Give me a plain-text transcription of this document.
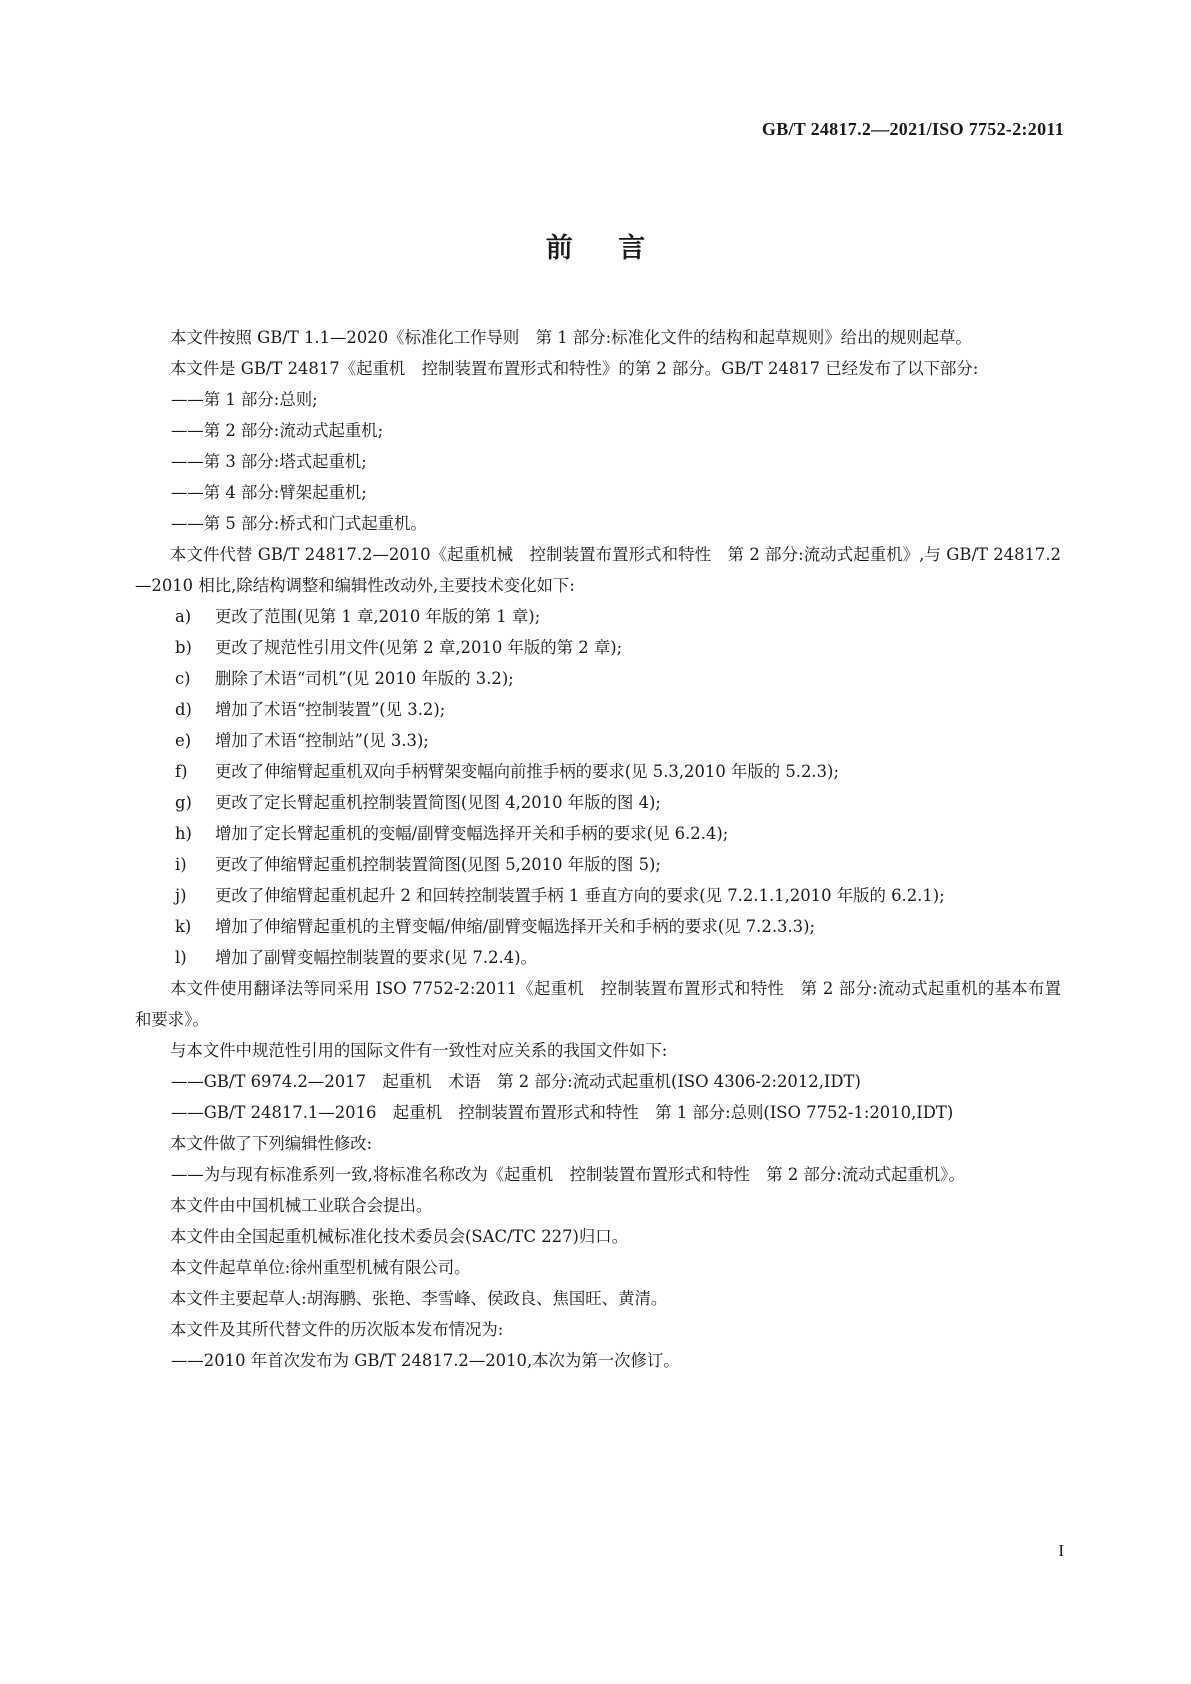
GB/T 24817.2—2021/ISO 7752-2:2011
前 言
本文件按照 GB/T 1.1—2020《标准化工作导则　第 1 部分:标准化文件的结构和起草规则》给出的规则起草。
本文件是 GB/T 24817《起重机　控制装置布置形式和特性》的第 2 部分。GB/T 24817 已经发布了以下部分:
——第 1 部分:总则;
——第 2 部分:流动式起重机;
——第 3 部分:塔式起重机;
——第 4 部分:臂架起重机;
——第 5 部分:桥式和门式起重机。
本文件代替 GB/T 24817.2—2010《起重机械　控制装置布置形式和特性　第 2 部分:流动式起重机》,与 GB/T 24817.2—2010 相比,除结构调整和编辑性改动外,主要技术变化如下:
a) 更改了范围(见第 1 章,2010 年版的第 1 章);
b) 更改了规范性引用文件(见第 2 章,2010 年版的第 2 章);
c) 删除了术语“司机”(见 2010 年版的 3.2);
d) 增加了术语“控制装置”(见 3.2);
e) 增加了术语“控制站”(见 3.3);
f) 更改了伸缩臂起重机双向手柄臂架变幅向前推手柄的要求(见 5.3,2010 年版的 5.2.3);
g) 更改了定长臂起重机控制装置简图(见图 4,2010 年版的图 4);
h) 增加了定长臂起重机的变幅/副臂变幅选择开关和手柄的要求(见 6.2.4);
i) 更改了伸缩臂起重机控制装置简图(见图 5,2010 年版的图 5);
j) 更改了伸缩臂起重机起升 2 和回转控制装置手柄 1 垂直方向的要求(见 7.2.1.1,2010 年版的 6.2.1);
k) 增加了伸缩臂起重机的主臂变幅/伸缩/副臂变幅选择开关和手柄的要求(见 7.2.3.3);
l) 增加了副臂变幅控制装置的要求(见 7.2.4)。
本文件使用翻译法等同采用 ISO 7752-2:2011《起重机　控制装置布置形式和特性　第 2 部分:流动式起重机的基本布置和要求》。
与本文件中规范性引用的国际文件有一致性对应关系的我国文件如下:
——GB/T 6974.2—2017　起重机　术语　第 2 部分:流动式起重机(ISO 4306-2:2012,IDT)
——GB/T 24817.1—2016　起重机　控制装置布置形式和特性　第 1 部分:总则(ISO 7752-1:2010,IDT)
本文件做了下列编辑性修改:
——为与现有标准系列一致,将标准名称改为《起重机　控制装置布置形式和特性　第 2 部分:流动式起重机》。
本文件由中国机械工业联合会提出。
本文件由全国起重机械标准化技术委员会(SAC/TC 227)归口。
本文件起草单位:徐州重型机械有限公司。
本文件主要起草人:胡海鹏、张艳、李雪峰、侯政良、焦国旺、黄清。
本文件及其所代替文件的历次版本发布情况为:
——2010 年首次发布为 GB/T 24817.2—2010,本次为第一次修订。
I
